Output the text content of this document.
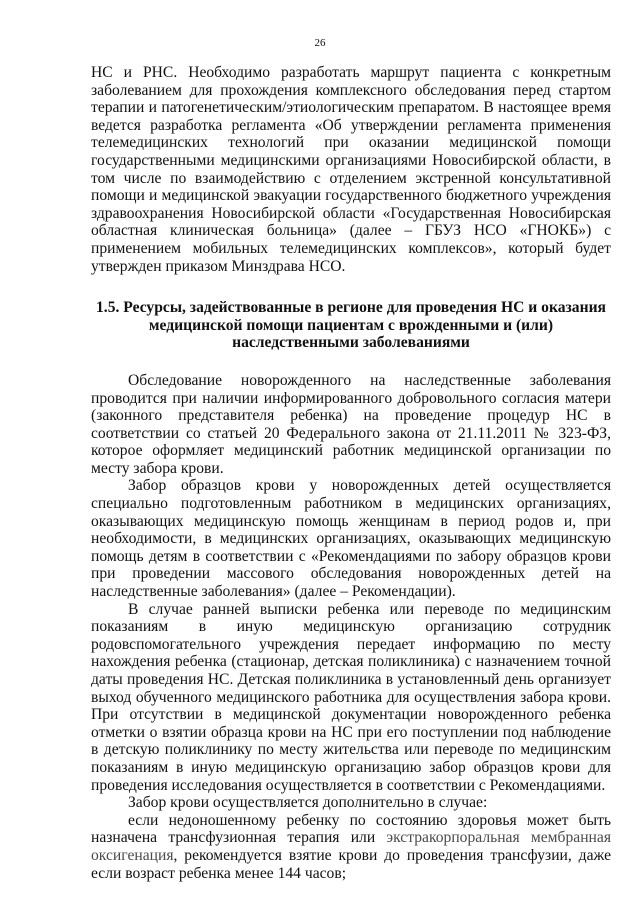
26

НС и РНС. Необходимо разработать маршрут пациента с конкретным заболеванием для прохождения комплексного обследования перед стартом терапии и патогенетическим/этиологическим препаратом. В настоящее время ведется разработка регламента «Об утверждении регламента применения телемедицинских технологий при оказании медицинской помощи государственными медицинскими организациями Новосибирской области, в том числе по взаимодействию с отделением экстренной консультативной помощи и медицинской эвакуации государственного бюджетного учреждения здравоохранения Новосибирской области «Государственная Новосибирская областная клиническая больница» (далее – ГБУЗ НСО «ГНОКБ») с применением мобильных телемедицинских комплексов», который будет утвержден приказом Минздрава НСО.

1.5. Ресурсы, задействованные в регионе для проведения НС и оказания медицинской помощи пациентам с врожденными и (или) наследственными заболеваниями

Обследование новорожденного на наследственные заболевания проводится при наличии информированного добровольного согласия матери (законного представителя ребенка) на проведение процедур НС в соответствии со статьей 20 Федерального закона от 21.11.2011 № 323-ФЗ, которое оформляет медицинский работник медицинской организации по месту забора крови.

Забор образцов крови у новорожденных детей осуществляется специально подготовленным работником в медицинских организациях, оказывающих медицинскую помощь женщинам в период родов и, при необходимости, в медицинских организациях, оказывающих медицинскую помощь детям в соответствии с «Рекомендациями по забору образцов крови при проведении массового обследования новорожденных детей на наследственные заболевания» (далее – Рекомендации).

В случае ранней выписки ребенка или переводе по медицинским показаниям в иную медицинскую организацию сотрудник родовспомогательного учреждения передает информацию по месту нахождения ребенка (стационар, детская поликлиника) с назначением точной даты проведения НС. Детская поликлиника в установленный день организует выход обученного медицинского работника для осуществления забора крови. При отсутствии в медицинской документации новорожденного ребенка отметки о взятии образца крови на НС при его поступлении под наблюдение в детскую поликлинику по месту жительства или переводе по медицинским показаниям в иную медицинскую организацию забор образцов крови для проведения исследования осуществляется в соответствии с Рекомендациями.

Забор крови осуществляется дополнительно в случае:

если недоношенному ребенку по состоянию здоровья может быть назначена трансфузионная терапия или экстракорпоральная мембранная оксигенация, рекомендуется взятие крови до проведения трансфузии, даже если возраст ребенка менее 144 часов;
